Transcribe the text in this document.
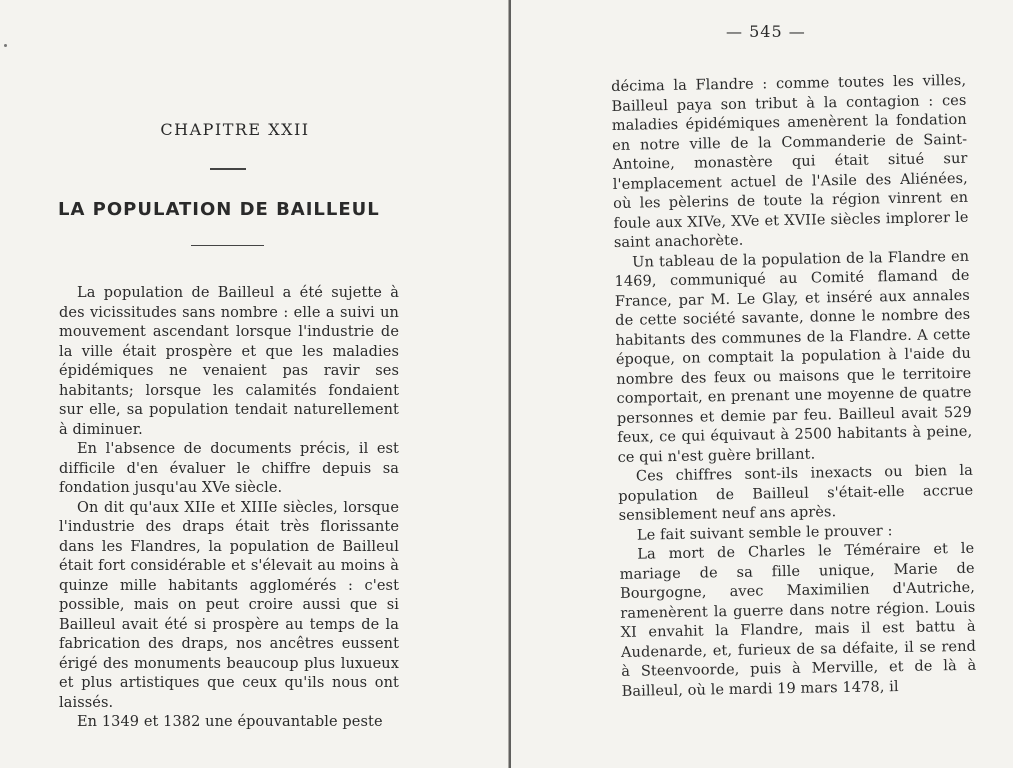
CHAPITRE XXII
LA POPULATION DE BAILLEUL

La population de Bailleul a été sujette à des vicissitudes sans nombre : elle a suivi un mouvement ascendant lorsque l'industrie de la ville était prospère et que les maladies épidémiques ne venaient pas ravir ses habitants; lorsque les calamités fondaient sur elle, sa population tendait naturellement à diminuer.

En l'absence de documents précis, il est difficile d'en évaluer le chiffre depuis sa fondation jusqu'au XVe siècle.

On dit qu'aux XIIe et XIIIe siècles, lorsque l'industrie des draps était très florissante dans les Flandres, la population de Bailleul était fort considérable et s'élevait au moins à quinze mille habitants agglomérés : c'est possible, mais on peut croire aussi que si Bailleul avait été si prospère au temps de la fabrication des draps, nos ancêtres eussent érigé des monuments beaucoup plus luxueux et plus artistiques que ceux qu'ils nous ont laissés.

En 1349 et 1382 une épouvantable peste

— 545 —

décima la Flandre : comme toutes les villes, Bailleul paya son tribut à la contagion : ces maladies épidémiques amenèrent la fondation en notre ville de la Commanderie de Saint-Antoine, monastère qui était situé sur l'emplacement actuel de l'Asile des Aliénées, où les pèlerins de toute la région vinrent en foule aux XIVe, XVe et XVIIe siècles implorer le saint anachorète.

Un tableau de la population de la Flandre en 1469, communiqué au Comité flamand de France, par M. Le Glay, et inséré aux annales de cette société savante, donne le nombre des habitants des communes de la Flandre. A cette époque, on comptait la population à l'aide du nombre des feux ou maisons que le territoire comportait, en prenant une moyenne de quatre personnes et demie par feu. Bailleul avait 529 feux, ce qui équivaut à 2500 habitants à peine, ce qui n'est guère brillant.

Ces chiffres sont-ils inexacts ou bien la population de Bailleul s'était-elle accrue sensiblement neuf ans après.

Le fait suivant semble le prouver :

La mort de Charles le Téméraire et le mariage de sa fille unique, Marie de Bourgogne, avec Maximilien d'Autriche, ramenèrent la guerre dans notre région. Louis XI envahit la Flandre, mais il est battu à Audenarde, et, furieux de sa défaite, il se rend à Steenvoorde, puis à Merville, et de là à Bailleul, où le mardi 19 mars 1478, il
